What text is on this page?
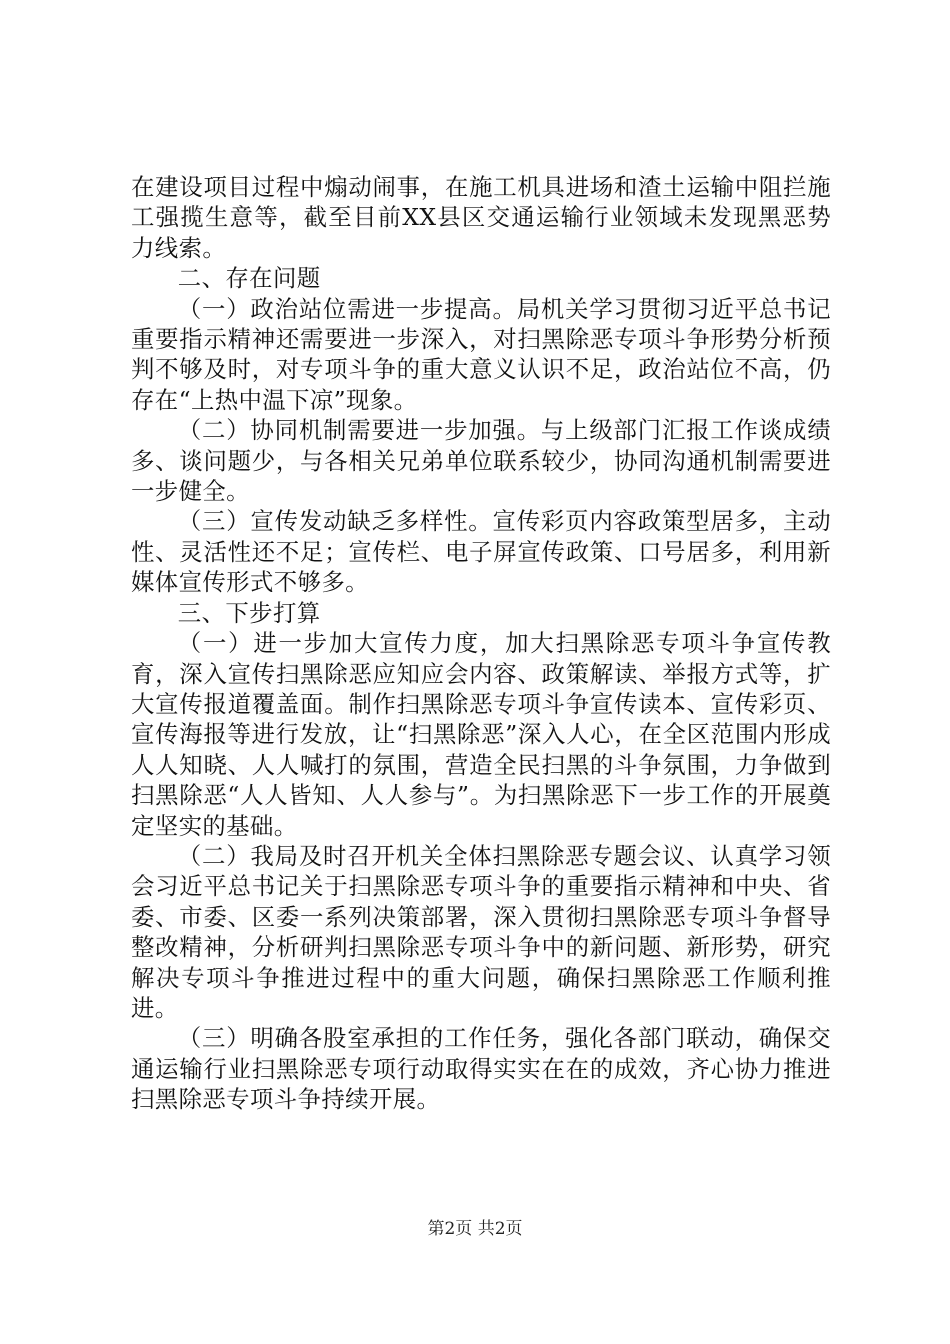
在建设项目过程中煽动闹事，在施工机具进场和渣土运输中阻拦施工强揽生意等，截至目前XX县区交通运输行业领域未发现黑恶势力线索。

二、存在问题

（一）政治站位需进一步提高。局机关学习贯彻习近平总书记重要指示精神还需要进一步深入，对扫黑除恶专项斗争形势分析预判不够及时，对专项斗争的重大意义认识不足，政治站位不高，仍存在“上热中温下凉”现象。

（二）协同机制需要进一步加强。与上级部门汇报工作谈成绩多、谈问题少，与各相关兄弟单位联系较少，协同沟通机制需要进一步健全。

（三）宣传发动缺乏多样性。宣传彩页内容政策型居多，主动性、灵活性还不足；宣传栏、电子屏宣传政策、口号居多，利用新媒体宣传形式不够多。

三、下步打算

（一）进一步加大宣传力度，加大扫黑除恶专项斗争宣传教育，深入宣传扫黑除恶应知应会内容、政策解读、举报方式等，扩大宣传报道覆盖面。制作扫黑除恶专项斗争宣传读本、宣传彩页、宣传海报等进行发放，让“扫黑除恶”深入人心，在全区范围内形成人人知晓、人人喊打的氛围，营造全民扫黑的斗争氛围，力争做到扫黑除恶“人人皆知、人人参与”。为扫黑除恶下一步工作的开展奠定坚实的基础。

（二）我局及时召开机关全体扫黑除恶专题会议、认真学习领会习近平总书记关于扫黑除恶专项斗争的重要指示精神和中央、省委、市委、区委一系列决策部署，深入贯彻扫黑除恶专项斗争督导整改精神，分析研判扫黑除恶专项斗争中的新问题、新形势，研究解决专项斗争推进过程中的重大问题，确保扫黑除恶工作顺利推进。

（三）明确各股室承担的工作任务，强化各部门联动，确保交通运输行业扫黑除恶专项行动取得实实在在的成效，齐心协力推进扫黑除恶专项斗争持续开展。

第2页 共2页
